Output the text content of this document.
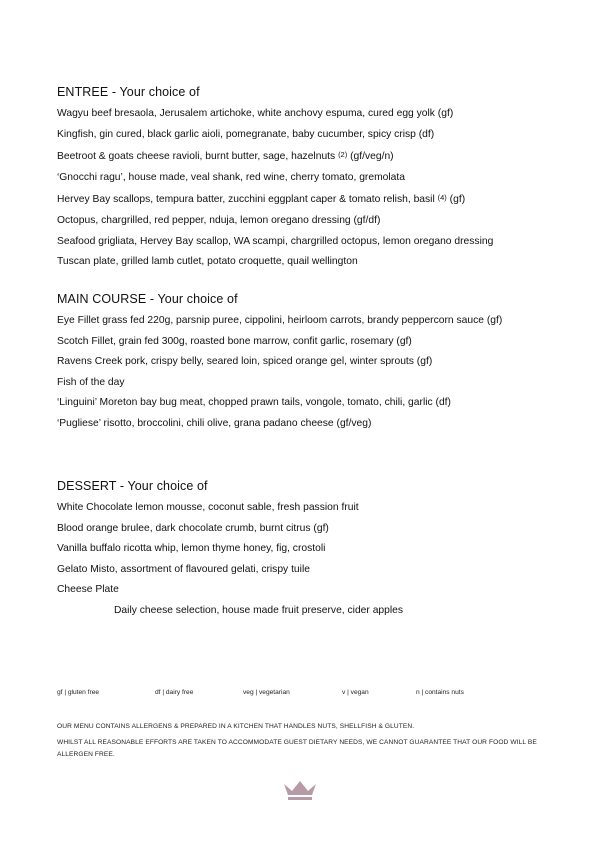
ENTREE - Your choice of
Wagyu beef bresaola, Jerusalem artichoke, white anchovy espuma, cured egg yolk (gf)
Kingfish, gin cured, black garlic aioli, pomegranate, baby cucumber, spicy crisp (df)
Beetroot & goats cheese ravioli, burnt butter, sage, hazelnuts $^{(2)}$ (gf/veg/n)
‘Gnocchi ragu’, house made, veal shank, red wine, cherry tomato, gremolata
Hervey Bay scallops, tempura batter, zucchini eggplant caper & tomato relish, basil $^{(4)}$ (gf)
Octopus, chargrilled, red pepper, nduja, lemon oregano dressing (gf/df)
Seafood grigliata, Hervey Bay scallop, WA scampi, chargrilled octopus, lemon oregano dressing
Tuscan plate, grilled lamb cutlet, potato croquette, quail wellington
MAIN COURSE - Your choice of
Eye Fillet grass fed 220g, parsnip puree, cippolini, heirloom carrots, brandy peppercorn sauce (gf)
Scotch Fillet, grain fed 300g, roasted bone marrow, confit garlic, rosemary (gf)
Ravens Creek pork, crispy belly, seared loin, spiced orange gel, winter sprouts (gf)
Fish of the day
‘Linguini’ Moreton bay bug meat, chopped prawn tails, vongole, tomato, chili, garlic (df)
‘Pugliese’ risotto, broccolini, chili olive, grana padano cheese (gf/veg)
DESSERT - Your choice of
White Chocolate lemon mousse, coconut sable, fresh passion fruit
Blood orange brulee, dark chocolate crumb, burnt citrus (gf)
Vanilla buffalo ricotta whip, lemon thyme honey, fig, crostoli
Gelato Misto, assortment of flavoured gelati, crispy tuile
Cheese Plate
Daily cheese selection, house made fruit preserve, cider apples
gf | gluten free	df | dairy free	veg | vegetarian	v | vegan	n | contains nuts
OUR MENU CONTAINS ALLERGENS & PREPARED IN A KITCHEN THAT HANDLES NUTS, SHELLFISH & GLUTEN.
WHILST ALL REASONABLE EFFORTS ARE TAKEN TO ACCOMMODATE GUEST DIETARY NEEDS, WE CANNOT GUARANTEE THAT OUR FOOD WILL BE ALLERGEN FREE.
